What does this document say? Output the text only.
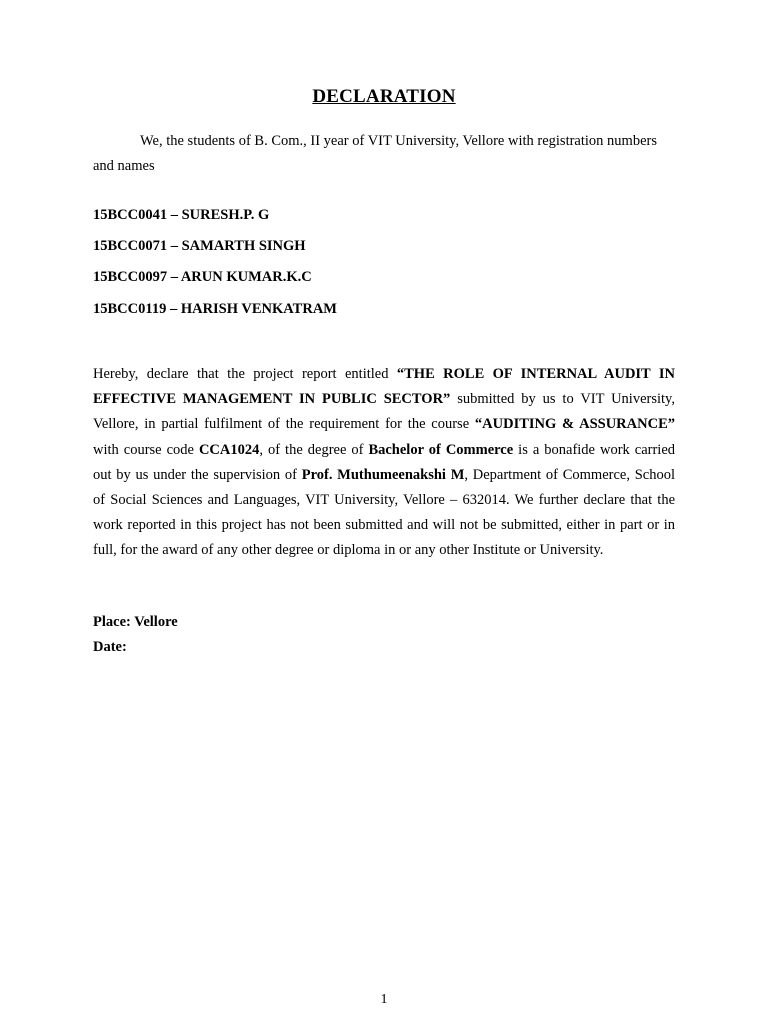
DECLARATION

We, the students of B. Com., II year of VIT University, Vellore with registration numbers and names

15BCC0041 – SURESH.P. G

15BCC0071 – SAMARTH SINGH

15BCC0097 – ARUN KUMAR.K.C

15BCC0119 – HARISH VENKATRAM

Hereby, declare that the project report entitled “THE ROLE OF INTERNAL AUDIT IN EFFECTIVE MANAGEMENT IN PUBLIC SECTOR” submitted by us to VIT University, Vellore, in partial fulfilment of the requirement for the course “AUDITING & ASSURANCE” with course code CCA1024, of the degree of Bachelor of Commerce is a bonafide work carried out by us under the supervision of Prof. Muthumeenakshi M, Department of Commerce, School of Social Sciences and Languages, VIT University, Vellore – 632014. We further declare that the work reported in this project has not been submitted and will not be submitted, either in part or in full, for the award of any other degree or diploma in or any other Institute or University.

Place: Vellore

Date:

1
